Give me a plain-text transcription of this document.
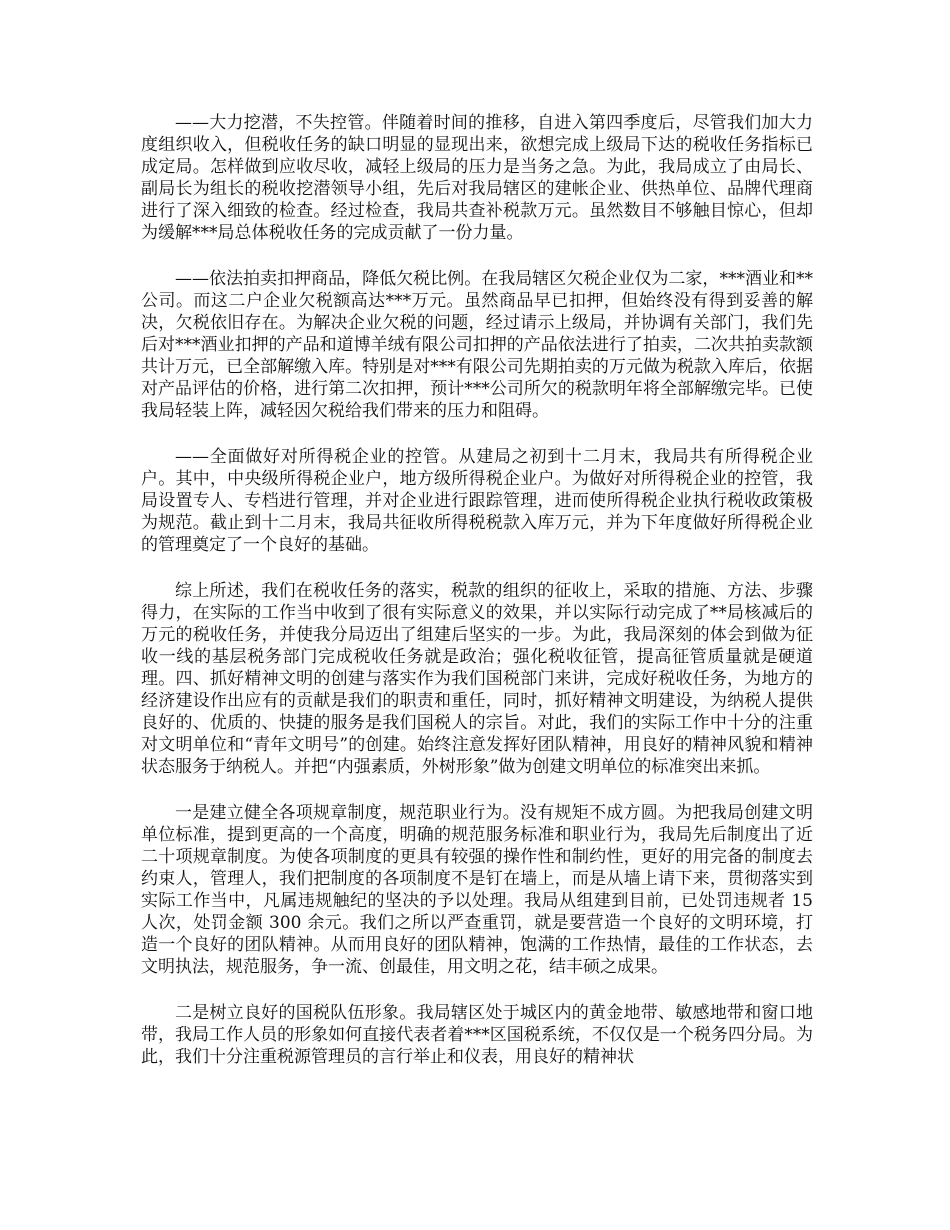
——大力挖潜，不失控管。伴随着时间的推移，自进入第四季度后，尽管我们加大力度组织收入，但税收任务的缺口明显的显现出来，欲想完成上级局下达的税收任务指标已成定局。怎样做到应收尽收，减轻上级局的压力是当务之急。为此，我局成立了由局长、副局长为组长的税收挖潜领导小组，先后对我局辖区的建帐企业、供热单位、品牌代理商进行了深入细致的检查。经过检查，我局共查补税款万元。虽然数目不够触目惊心，但却为缓解***局总体税收任务的完成贡献了一份力量。

——依法拍卖扣押商品，降低欠税比例。在我局辖区欠税企业仅为二家，***酒业和**公司。而这二户企业欠税额高达***万元。虽然商品早已扣押，但始终没有得到妥善的解决，欠税依旧存在。为解决企业欠税的问题，经过请示上级局，并协调有关部门，我们先后对***酒业扣押的产品和道博羊绒有限公司扣押的产品依法进行了拍卖，二次共拍卖款额共计万元，已全部解缴入库。特别是对***有限公司先期拍卖的万元做为税款入库后，依据对产品评估的价格，进行第二次扣押，预计***公司所欠的税款明年将全部解缴完毕。已使我局轻装上阵，减轻因欠税给我们带来的压力和阻碍。

——全面做好对所得税企业的控管。从建局之初到十二月末，我局共有所得税企业户。其中，中央级所得税企业户，地方级所得税企业户。为做好对所得税企业的控管，我局设置专人、专档进行管理，并对企业进行跟踪管理，进而使所得税企业执行税收政策极为规范。截止到十二月末，我局共征收所得税税款入库万元，并为下年度做好所得税企业的管理奠定了一个良好的基础。

综上所述，我们在税收任务的落实，税款的组织的征收上，采取的措施、方法、步骤得力，在实际的工作当中收到了很有实际意义的效果，并以实际行动完成了**局核减后的万元的税收任务，并使我分局迈出了组建后坚实的一步。为此，我局深刻的体会到做为征收一线的基层税务部门完成税收任务就是政治；强化税收征管，提高征管质量就是硬道理。四、抓好精神文明的创建与落实作为我们国税部门来讲，完成好税收任务，为地方的经济建设作出应有的贡献是我们的职责和重任，同时，抓好精神文明建设，为纳税人提供良好的、优质的、快捷的服务是我们国税人的宗旨。对此，我们的实际工作中十分的注重对文明单位和“青年文明号”的创建。始终注意发挥好团队精神，用良好的精神风貌和精神状态服务于纳税人。并把“内强素质，外树形象”做为创建文明单位的标准突出来抓。

一是建立健全各项规章制度，规范职业行为。没有规矩不成方圆。为把我局创建文明单位标准，提到更高的一个高度，明确的规范服务标准和职业行为，我局先后制度出了近二十项规章制度。为使各项制度的更具有较强的操作性和制约性，更好的用完备的制度去约束人，管理人，我们把制度的各项制度不是钉在墙上，而是从墙上请下来，贯彻落实到实际工作当中，凡属违规触纪的坚决的予以处理。我局从组建到目前，已处罚违规者 15 人次，处罚金额 300 余元。我们之所以严查重罚，就是要营造一个良好的文明环境，打造一个良好的团队精神。从而用良好的团队精神，饱满的工作热情，最佳的工作状态，去文明执法，规范服务，争一流、创最佳，用文明之花，结丰硕之成果。

二是树立良好的国税队伍形象。我局辖区处于城区内的黄金地带、敏感地带和窗口地带，我局工作人员的形象如何直接代表者着***区国税系统，不仅仅是一个税务四分局。为此，我们十分注重税源管理员的言行举止和仪表，用良好的精神状
